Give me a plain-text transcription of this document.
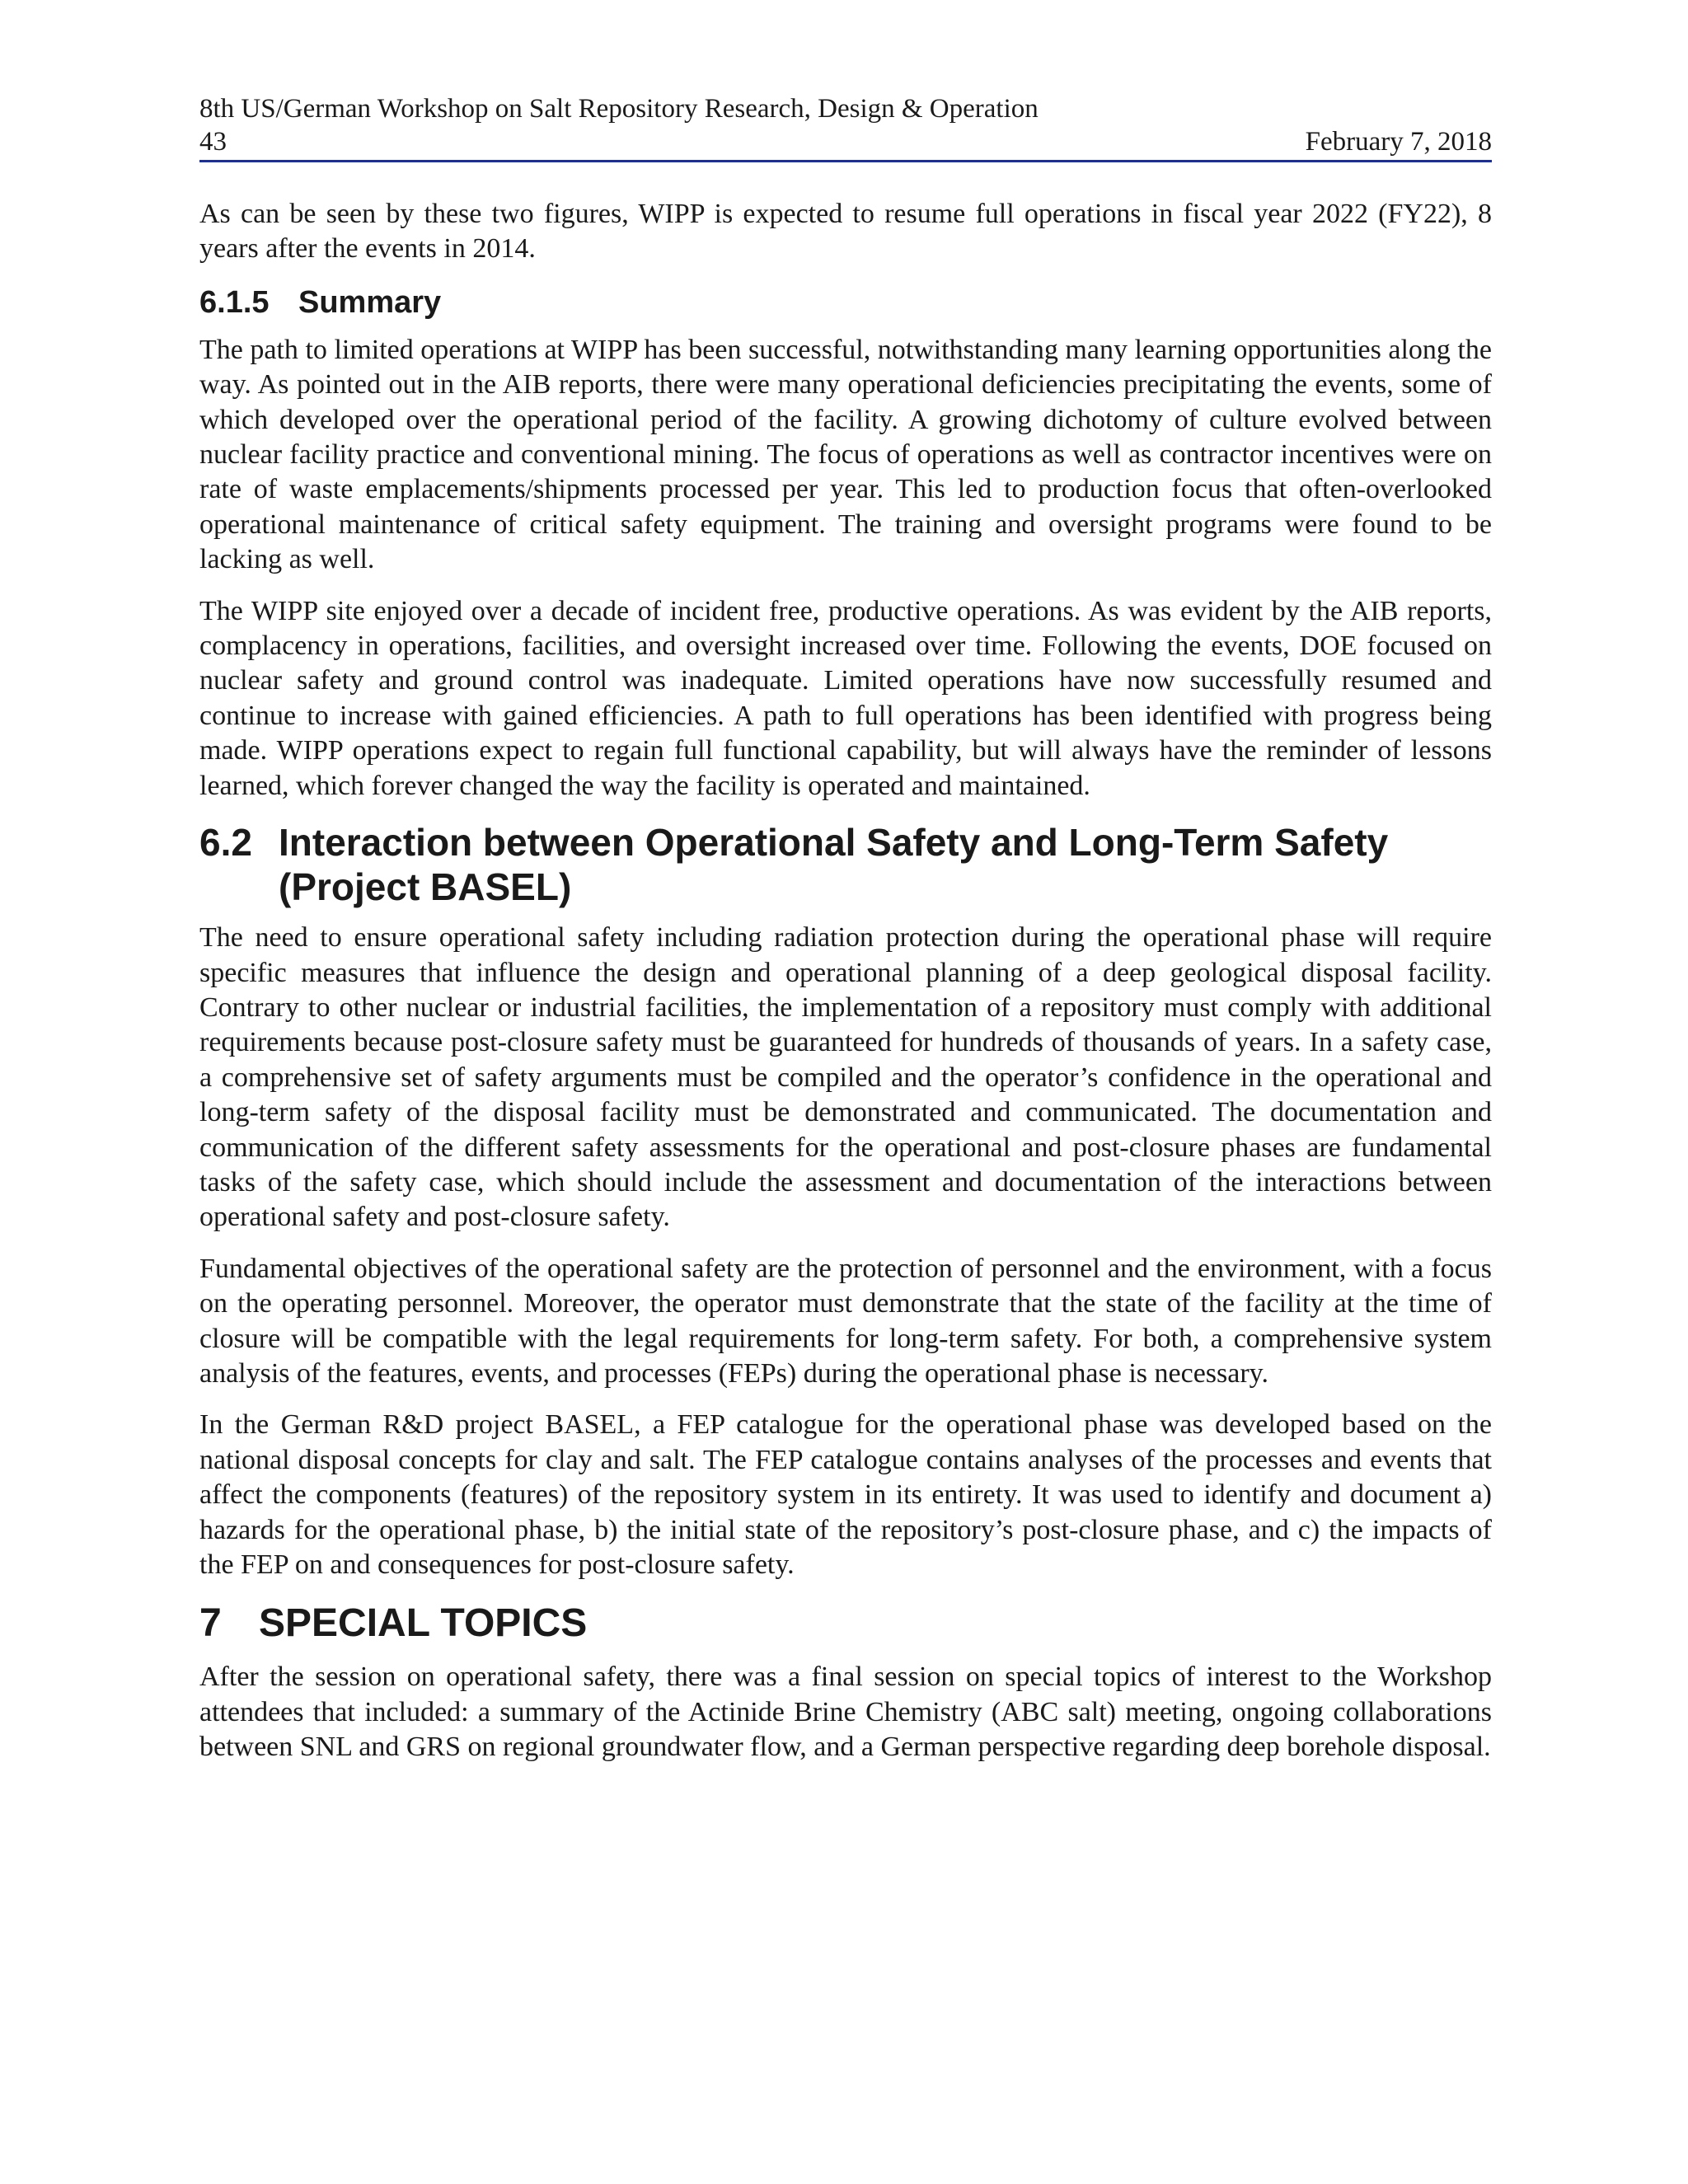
8th US/German Workshop on Salt Repository Research, Design & Operation
43	February 7, 2018

As can be seen by these two figures, WIPP is expected to resume full operations in fiscal year 2022 (FY22), 8 years after the events in 2014.

6.1.5 Summary

The path to limited operations at WIPP has been successful, notwithstanding many learning opportunities along the way. As pointed out in the AIB reports, there were many operational deficiencies precipitating the events, some of which developed over the operational period of the facility. A growing dichotomy of culture evolved between nuclear facility practice and conventional mining. The focus of operations as well as contractor incentives were on rate of waste emplacements/shipments processed per year. This led to production focus that often-overlooked operational maintenance of critical safety equipment. The training and oversight programs were found to be lacking as well.

The WIPP site enjoyed over a decade of incident free, productive operations. As was evident by the AIB reports, complacency in operations, facilities, and oversight increased over time. Following the events, DOE focused on nuclear safety and ground control was inadequate. Limited operations have now successfully resumed and continue to increase with gained efficiencies. A path to full operations has been identified with progress being made. WIPP operations expect to regain full functional capability, but will always have the reminder of lessons learned, which forever changed the way the facility is operated and maintained.

6.2 Interaction between Operational Safety and Long-Term Safety (Project BASEL)

The need to ensure operational safety including radiation protection during the operational phase will require specific measures that influence the design and operational planning of a deep geological disposal facility. Contrary to other nuclear or industrial facilities, the implementation of a repository must comply with additional requirements because post-closure safety must be guaranteed for hundreds of thousands of years. In a safety case, a comprehensive set of safety arguments must be compiled and the operator’s confidence in the operational and long-term safety of the disposal facility must be demonstrated and communicated. The documentation and communication of the different safety assessments for the operational and post-closure phases are fundamental tasks of the safety case, which should include the assessment and documentation of the interactions between operational safety and post-closure safety.

Fundamental objectives of the operational safety are the protection of personnel and the environment, with a focus on the operating personnel. Moreover, the operator must demonstrate that the state of the facility at the time of closure will be compatible with the legal requirements for long-term safety. For both, a comprehensive system analysis of the features, events, and processes (FEPs) during the operational phase is necessary.

In the German R&D project BASEL, a FEP catalogue for the operational phase was developed based on the national disposal concepts for clay and salt. The FEP catalogue contains analyses of the processes and events that affect the components (features) of the repository system in its entirety. It was used to identify and document a) hazards for the operational phase, b) the initial state of the repository’s post-closure phase, and c) the impacts of the FEP on and consequences for post-closure safety.

7 SPECIAL TOPICS

After the session on operational safety, there was a final session on special topics of interest to the Workshop attendees that included: a summary of the Actinide Brine Chemistry (ABC salt) meeting, ongoing collaborations between SNL and GRS on regional groundwater flow, and a German perspective regarding deep borehole disposal.
